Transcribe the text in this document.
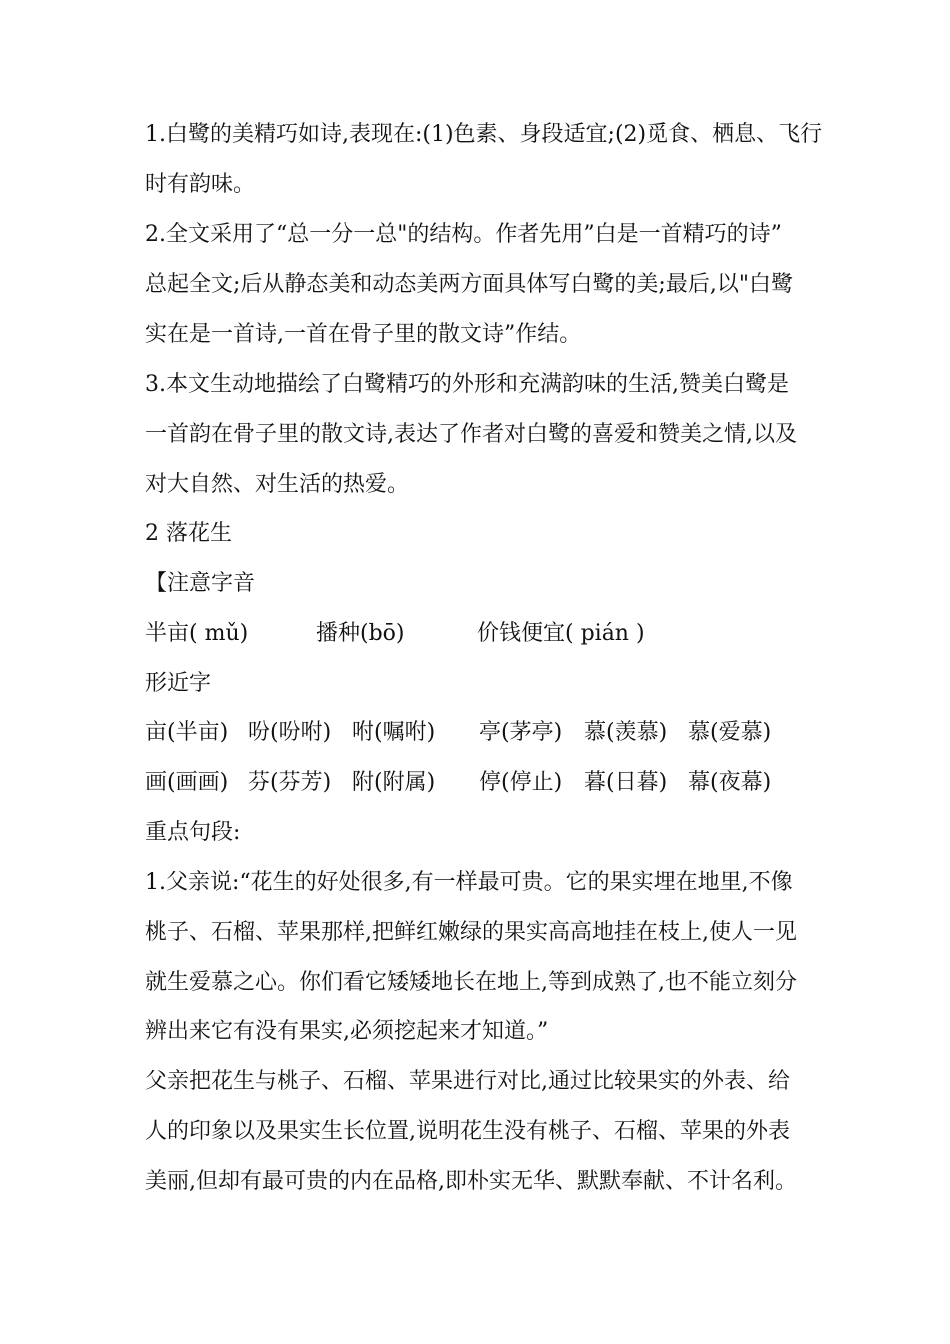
1.白鹭的美精巧如诗,表现在:(1)色素、身段适宜;(2)觅食、栖息、飞行
时有韵味。
2.全文采用了“总一分一总"的结构。作者先用”白是一首精巧的诗”
总起全文;后从静态美和动态美两方面具体写白鹭的美;最后,以"白鹭
实在是一首诗,一首在骨子里的散文诗”作结。
3.本文生动地描绘了白鹭精巧的外形和充满韵味的生活,赞美白鹭是
一首韵在骨子里的散文诗,表达了作者对白鹭的喜爱和赞美之情,以及
对大自然、对生活的热爱。
2 落花生
【注意字音
半亩( mǔ)	播种(bō)	价钱便宜( pián )
形近字
亩(半亩) 吩(吩咐) 咐(嘱咐) 亭(茅亭) 慕(羡慕) 慕(爱慕)
画(画画) 芬(芬芳) 附(附属) 停(停止) 暮(日暮) 幕(夜幕)
重点句段:
1.父亲说:“花生的好处很多,有一样最可贵。它的果实埋在地里,不像
桃子、石榴、苹果那样,把鲜红嫩绿的果实高高地挂在枝上,使人一见
就生爱慕之心。你们看它矮矮地长在地上,等到成熟了,也不能立刻分
辨出来它有没有果实,必须挖起来才知道。”
父亲把花生与桃子、石榴、苹果进行对比,通过比较果实的外表、给
人的印象以及果实生长位置,说明花生没有桃子、石榴、苹果的外表
美丽,但却有最可贵的内在品格,即朴实无华、默默奉献、不计名利。
